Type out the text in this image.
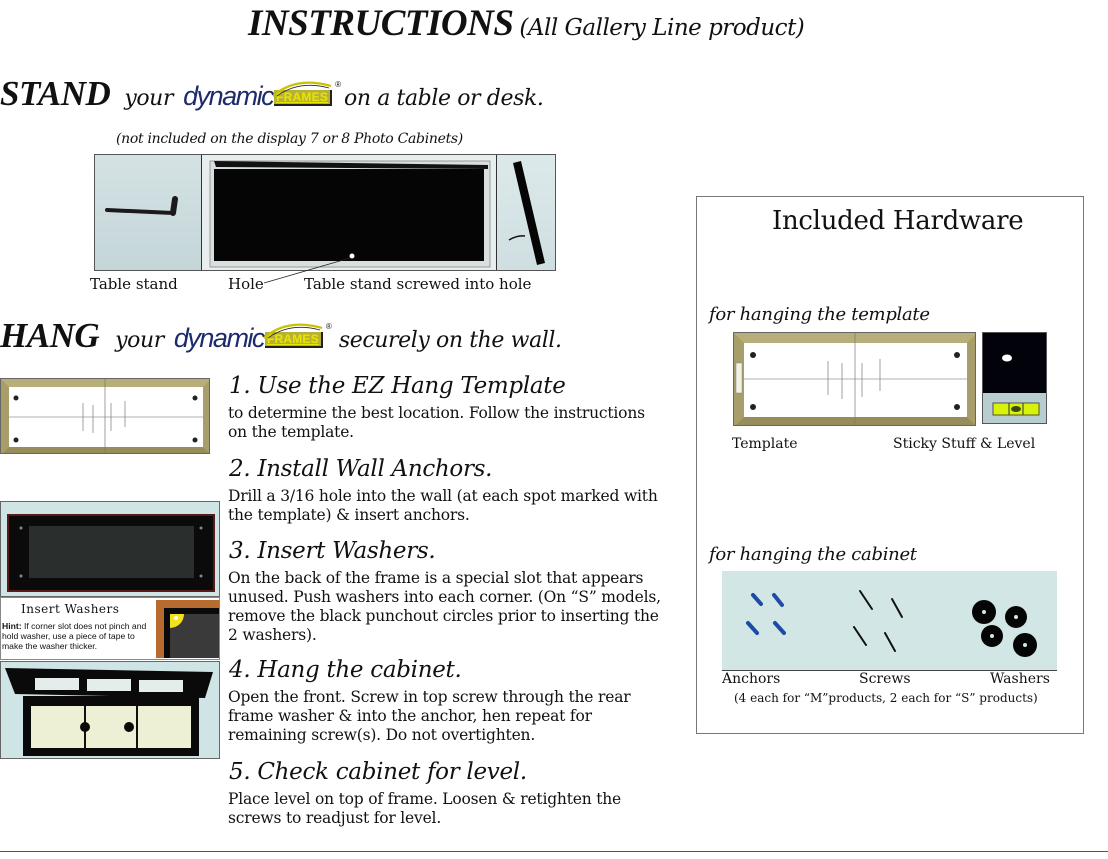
INSTRUCTIONS (All Gallery Line product)
STAND your dynamic FRAMES
®
on a table or desk.
(not included on the display 7 or 8 Photo Cabinets)
Table stand	Hole	Table stand screwed into hole
HANG your dynamic FRAMES
®
securely on the wall.
Insert Washers
Hint: If corner slot does not pinch and hold washer, use a piece of tape to make the washer thicker.
1. Use the EZ Hang Template
to determine the best location. Follow the instructions on the template.
2. Install Wall Anchors.
Drill a 3/16 hole into the wall (at each spot marked with the template) & insert anchors.
3. Insert Washers.
On the back of the frame is a special slot that appears unused. Push washers into each corner. (On “S” models, remove the black punchout circles prior to inserting the 2 washers).
4. Hang the cabinet.
Open the front. Screw in top screw through the rear frame washer & into the anchor, hen repeat for remaining screw(s). Do not overtighten.
5. Check cabinet for level.
Place level on top of frame. Loosen & retighten the screws to readjust for level.
Included Hardware
for hanging the template
Template	Sticky Stuff & Level
for hanging the cabinet
Anchors	Screws	Washers
(4 each for “M”products, 2 each for “S” products)
